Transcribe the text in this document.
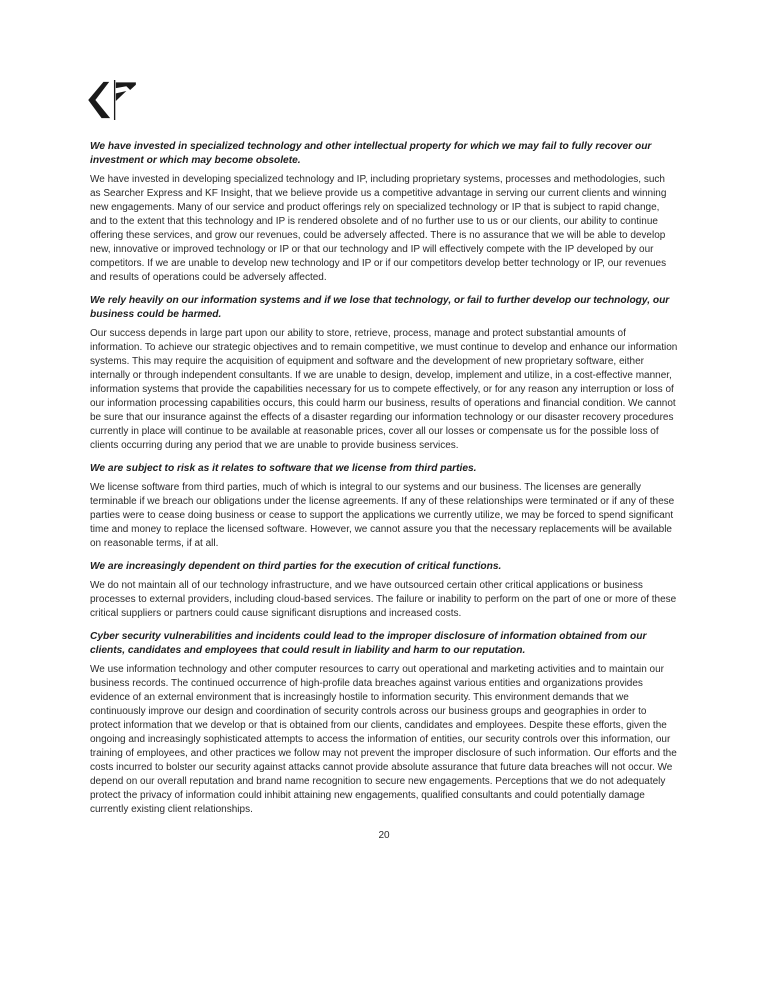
We have invested in specialized technology and other intellectual property for which we may fail to fully recover our investment or which may become obsolete.

We have invested in developing specialized technology and IP, including proprietary systems, processes and methodologies, such as Searcher Express and KF Insight, that we believe provide us a competitive advantage in serving our current clients and winning new engagements. Many of our service and product offerings rely on specialized technology or IP that is subject to rapid change, and to the extent that this technology and IP is rendered obsolete and of no further use to us or our clients, our ability to continue offering these services, and grow our revenues, could be adversely affected. There is no assurance that we will be able to develop new, innovative or improved technology or IP or that our technology and IP will effectively compete with the IP developed by our competitors. If we are unable to develop new technology and IP or if our competitors develop better technology or IP, our revenues and results of operations could be adversely affected.

We rely heavily on our information systems and if we lose that technology, or fail to further develop our technology, our business could be harmed.

Our success depends in large part upon our ability to store, retrieve, process, manage and protect substantial amounts of information. To achieve our strategic objectives and to remain competitive, we must continue to develop and enhance our information systems. This may require the acquisition of equipment and software and the development of new proprietary software, either internally or through independent consultants. If we are unable to design, develop, implement and utilize, in a cost-effective manner, information systems that provide the capabilities necessary for us to compete effectively, or for any reason any interruption or loss of our information processing capabilities occurs, this could harm our business, results of operations and financial condition. We cannot be sure that our insurance against the effects of a disaster regarding our information technology or our disaster recovery procedures currently in place will continue to be available at reasonable prices, cover all our losses or compensate us for the possible loss of clients occurring during any period that we are unable to provide business services.

We are subject to risk as it relates to software that we license from third parties.

We license software from third parties, much of which is integral to our systems and our business. The licenses are generally terminable if we breach our obligations under the license agreements. If any of these relationships were terminated or if any of these parties were to cease doing business or cease to support the applications we currently utilize, we may be forced to spend significant time and money to replace the licensed software. However, we cannot assure you that the necessary replacements will be available on reasonable terms, if at all.

We are increasingly dependent on third parties for the execution of critical functions.

We do not maintain all of our technology infrastructure, and we have outsourced certain other critical applications or business processes to external providers, including cloud-based services. The failure or inability to perform on the part of one or more of these critical suppliers or partners could cause significant disruptions and increased costs.

Cyber security vulnerabilities and incidents could lead to the improper disclosure of information obtained from our clients, candidates and employees that could result in liability and harm to our reputation.

We use information technology and other computer resources to carry out operational and marketing activities and to maintain our business records. The continued occurrence of high-profile data breaches against various entities and organizations provides evidence of an external environment that is increasingly hostile to information security. This environment demands that we continuously improve our design and coordination of security controls across our business groups and geographies in order to protect information that we develop or that is obtained from our clients, candidates and employees. Despite these efforts, given the ongoing and increasingly sophisticated attempts to access the information of entities, our security controls over this information, our training of employees, and other practices we follow may not prevent the improper disclosure of such information. Our efforts and the costs incurred to bolster our security against attacks cannot provide absolute assurance that future data breaches will not occur. We depend on our overall reputation and brand name recognition to secure new engagements. Perceptions that we do not adequately protect the privacy of information could inhibit attaining new engagements, qualified consultants and could potentially damage currently existing client relationships.

20
